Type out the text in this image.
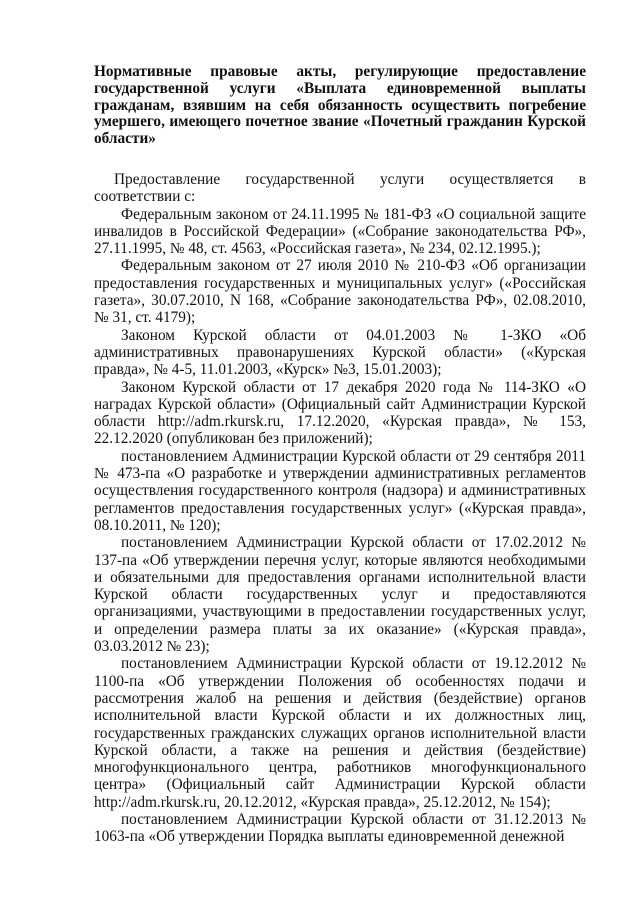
Нормативные правовые акты, регулирующие предоставление государственной услуги «Выплата единовременной выплаты гражданам, взявшим на себя обязанность осуществить погребение умершего, имеющего почетное звание «Почетный гражданин Курской области»

Предоставление государственной услуги осуществляется в соответствии с:

Федеральным законом от 24.11.1995 № 181-ФЗ «О социальной защите инвалидов в Российской Федерации» («Собрание законодательства РФ», 27.11.1995, № 48, ст. 4563, «Российская газета», № 234, 02.12.1995.);

Федеральным законом от 27 июля 2010 № 210-ФЗ «Об организации предоставления государственных и муниципальных услуг» («Российская газета», 30.07.2010, N 168, «Собрание законодательства РФ», 02.08.2010, № 31, ст. 4179);

Законом Курской области от 04.01.2003 № 1-ЗКО «Об административных правонарушениях Курской области» («Курская правда», № 4-5, 11.01.2003, «Курск» №3, 15.01.2003);

Законом Курской области от 17 декабря 2020 года № 114-ЗКО «О наградах Курской области» (Официальный сайт Администрации Курской области http://adm.rkursk.ru, 17.12.2020, «Курская правда», № 153, 22.12.2020 (опубликован без приложений);

постановлением Администрации Курской области от 29 сентября 2011 № 473-па «О разработке и утверждении административных регламентов осуществления государственного контроля (надзора) и административных регламентов предоставления государственных услуг» («Курская правда», 08.10.2011, № 120);

постановлением Администрации Курской области от 17.02.2012 № 137-па «Об утверждении перечня услуг, которые являются необходимыми и обязательными для предоставления органами исполнительной власти Курской области государственных услуг и предоставляются организациями, участвующими в предоставлении государственных услуг, и определении размера платы за их оказание» («Курская правда», 03.03.2012 № 23);

постановлением Администрации Курской области от 19.12.2012 № 1100-па «Об утверждении Положения об особенностях подачи и рассмотрения жалоб на решения и действия (бездействие) органов исполнительной власти Курской области и их должностных лиц, государственных гражданских служащих органов исполнительной власти Курской области, а также на решения и действия (бездействие) многофункционального центра, работников многофункционального центра» (Официальный сайт Администрации Курской области http://adm.rkursk.ru, 20.12.2012, «Курская правда», 25.12.2012, № 154);

постановлением Администрации Курской области от 31.12.2013 № 1063-па «Об утверждении Порядка выплаты единовременной денежной
